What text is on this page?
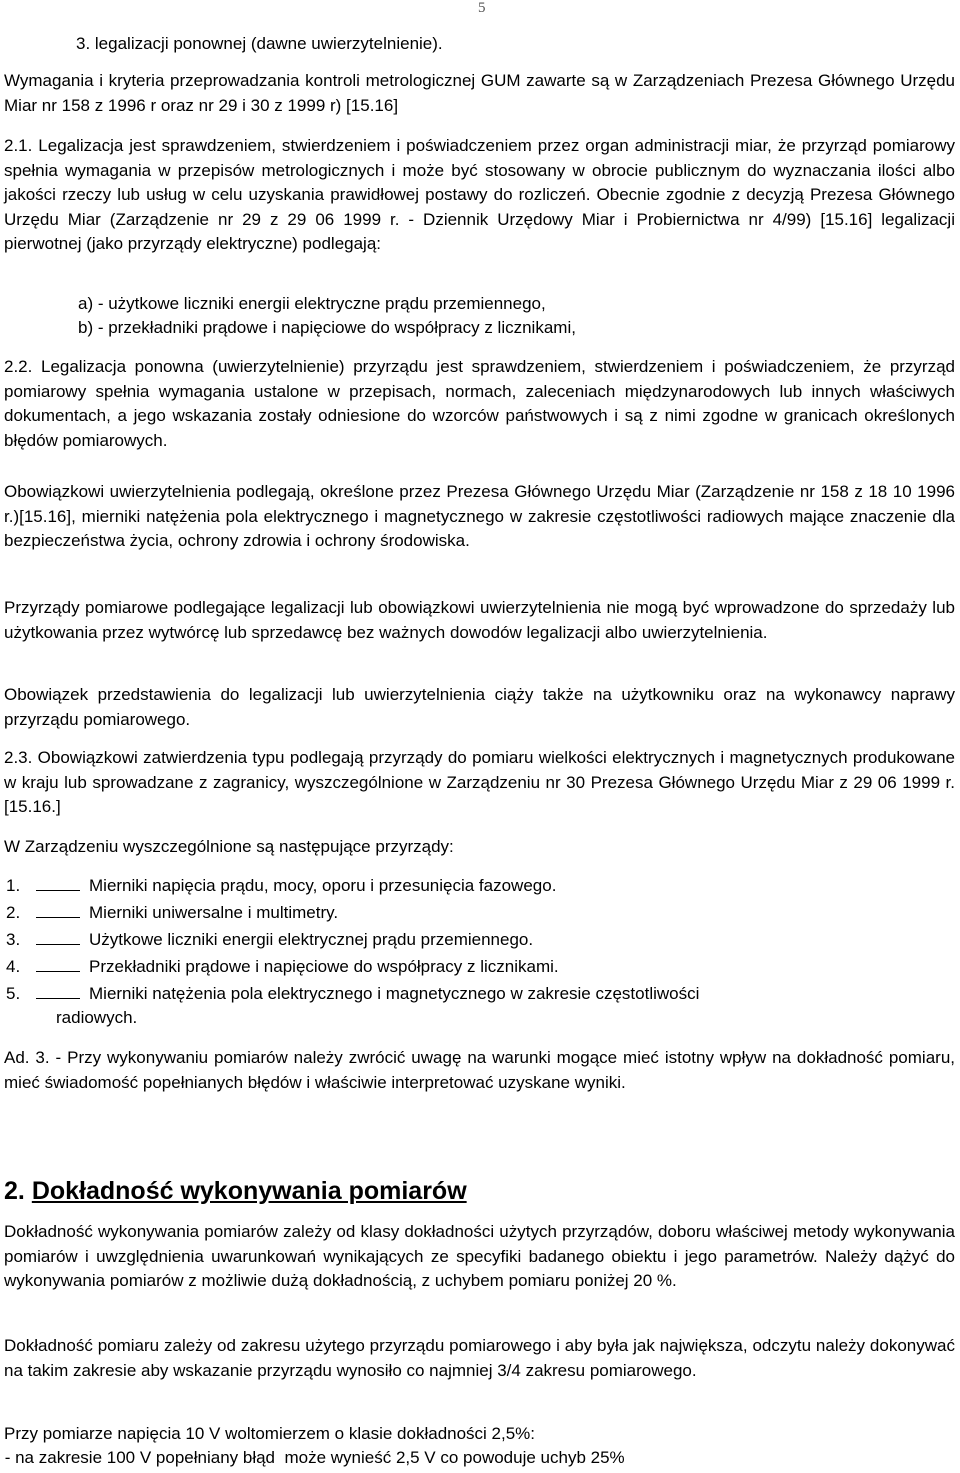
5

3. legalizacji ponownej (dawne uwierzytelnienie).

Wymagania i kryteria przeprowadzania kontroli metrologicznej GUM zawarte są w Zarządzeniach Prezesa Głównego Urzędu Miar nr 158 z 1996 r oraz nr 29 i 30 z 1999 r) [15.16]

2.1. Legalizacja jest sprawdzeniem, stwierdzeniem i poświadczeniem przez organ administracji miar, że przyrząd pomiarowy spełnia wymagania w przepisów metrologicznych i może być stosowany w obrocie publicznym do wyznaczania ilości albo jakości rzeczy lub usług w celu uzyskania prawidłowej postawy do rozliczeń. Obecnie zgodnie z decyzją Prezesa Głównego Urzędu Miar (Zarządzenie nr 29 z 29 06 1999 r. - Dziennik Urzędowy Miar i Probiernictwa nr 4/99) [15.16] legalizacji pierwotnej (jako przyrządy elektryczne) podlegają:

a) - użytkowe liczniki energii elektryczne prądu przemiennego,

b) - przekładniki prądowe i napięciowe do współpracy z licznikami,

2.2. Legalizacja ponowna (uwierzytelnienie) przyrządu jest sprawdzeniem, stwierdzeniem i poświadczeniem, że przyrząd pomiarowy spełnia wymagania ustalone w przepisach, normach, zaleceniach międzynarodowych lub innych właściwych dokumentach, a jego wskazania zostały odniesione do wzorców państwowych i są z nimi zgodne w granicach określonych błędów pomiarowych.

Obowiązkowi uwierzytelnienia podlegają, określone przez Prezesa Głównego Urzędu Miar (Zarządzenie nr 158 z 18 10 1996 r.)[15.16], mierniki natężenia pola elektrycznego i magnetycznego w zakresie częstotliwości radiowych mające znaczenie dla bezpieczeństwa życia, ochrony zdrowia i ochrony środowiska.

Przyrządy pomiarowe podlegające legalizacji lub obowiązkowi uwierzytelnienia nie mogą być wprowadzone do sprzedaży lub użytkowania przez wytwórcę lub sprzedawcę bez ważnych dowodów legalizacji albo uwierzytelnienia.

Obowiązek przedstawienia do legalizacji lub uwierzytelnienia ciąży także na użytkowniku oraz na wykonawcy naprawy przyrządu pomiarowego.

2.3. Obowiązkowi zatwierdzenia typu podlegają przyrządy do pomiaru wielkości elektrycznych i magnetycznych produkowane w kraju lub sprowadzane z zagranicy, wyszczególnione w Zarządzeniu nr 30 Prezesa Głównego Urzędu Miar z 29 06 1999 r. [15.16.]

W Zarządzeniu wyszczególnione są następujące przyrządy:

1.	Mierniki napięcia prądu, mocy, oporu i przesunięcia fazowego.
2.	Mierniki uniwersalne i multimetry.
3.	Użytkowe liczniki energii elektrycznej prądu przemiennego.
4.	Przekładniki prądowe i napięciowe do współpracy z licznikami.
5.	Mierniki natężenia pola elektrycznego i magnetycznego w zakresie częstotliwości
radiowych.

Ad. 3. - Przy wykonywaniu pomiarów należy zwrócić uwagę na warunki mogące mieć istotny wpływ na dokładność pomiaru, mieć świadomość popełnianych błędów i właściwie interpretować uzyskane wyniki.

2. Dokładność wykonywania pomiarów

Dokładność wykonywania pomiarów zależy od klasy dokładności użytych przyrządów, doboru właściwej metody wykonywania pomiarów i uwzględnienia uwarunkowań wynikających ze specyfiki badanego obiektu i jego parametrów. Należy dążyć do wykonywania pomiarów z możliwie dużą dokładnością, z uchybem pomiaru poniżej 20 %.

Dokładność pomiaru zależy od zakresu użytego przyrządu pomiarowego i aby była jak największa, odczytu należy dokonywać na takim zakresie aby wskazanie przyrządu wynosiło co najmniej 3/4 zakresu pomiarowego.

Przy pomiarze napięcia 10 V woltomierzem o klasie dokładności 2,5%:

- na zakresie 100 V popełniany błąd  może wynieść 2,5 V co powoduje uchyb 25%
